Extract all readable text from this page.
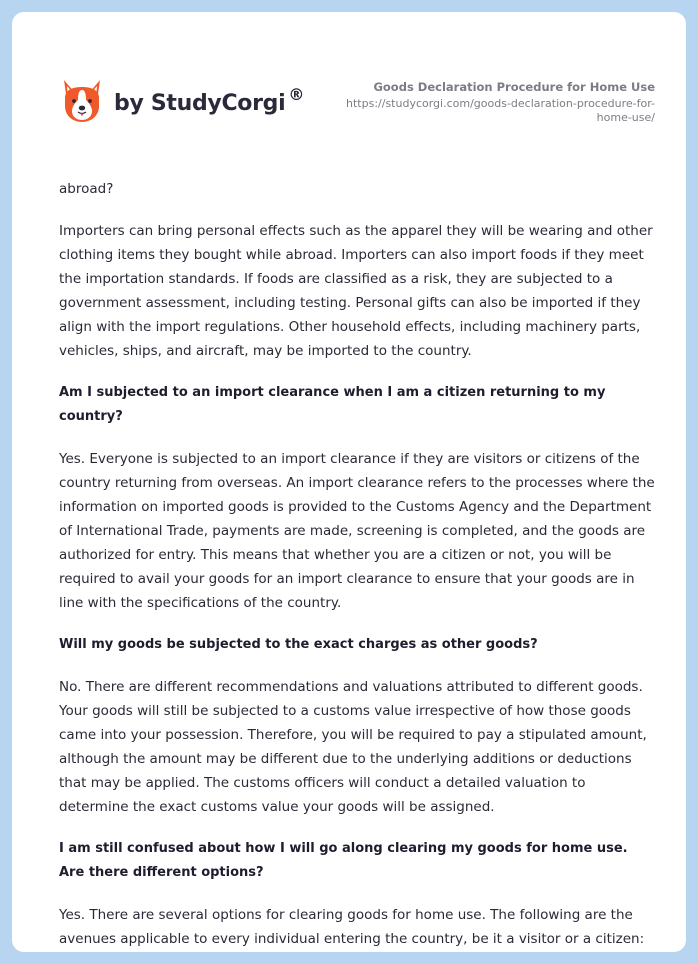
by StudyCorgi ®	Goods Declaration Procedure for Home Use
https://studycorgi.com/goods-declaration-procedure-for-home-use/

abroad?

Importers can bring personal effects such as the apparel they will be wearing and other clothing items they bought while abroad. Importers can also import foods if they meet the importation standards. If foods are classified as a risk, they are subjected to a government assessment, including testing. Personal gifts can also be imported if they align with the import regulations. Other household effects, including machinery parts, vehicles, ships, and aircraft, may be imported to the country.

Am I subjected to an import clearance when I am a citizen returning to my country?

Yes. Everyone is subjected to an import clearance if they are visitors or citizens of the country returning from overseas. An import clearance refers to the processes where the information on imported goods is provided to the Customs Agency and the Department of International Trade, payments are made, screening is completed, and the goods are authorized for entry. This means that whether you are a citizen or not, you will be required to avail your goods for an import clearance to ensure that your goods are in line with the specifications of the country.

Will my goods be subjected to the exact charges as other goods?

No. There are different recommendations and valuations attributed to different goods. Your goods will still be subjected to a customs value irrespective of how those goods came into your possession. Therefore, you will be required to pay a stipulated amount, although the amount may be different due to the underlying additions or deductions that may be applied. The customs officers will conduct a detailed valuation to determine the exact customs value your goods will be assigned.

I am still confused about how I will go along clearing my goods for home use. Are there different options?

Yes. There are several options for clearing goods for home use. The following are the avenues applicable to every individual entering the country, be it a visitor or a citizen:
